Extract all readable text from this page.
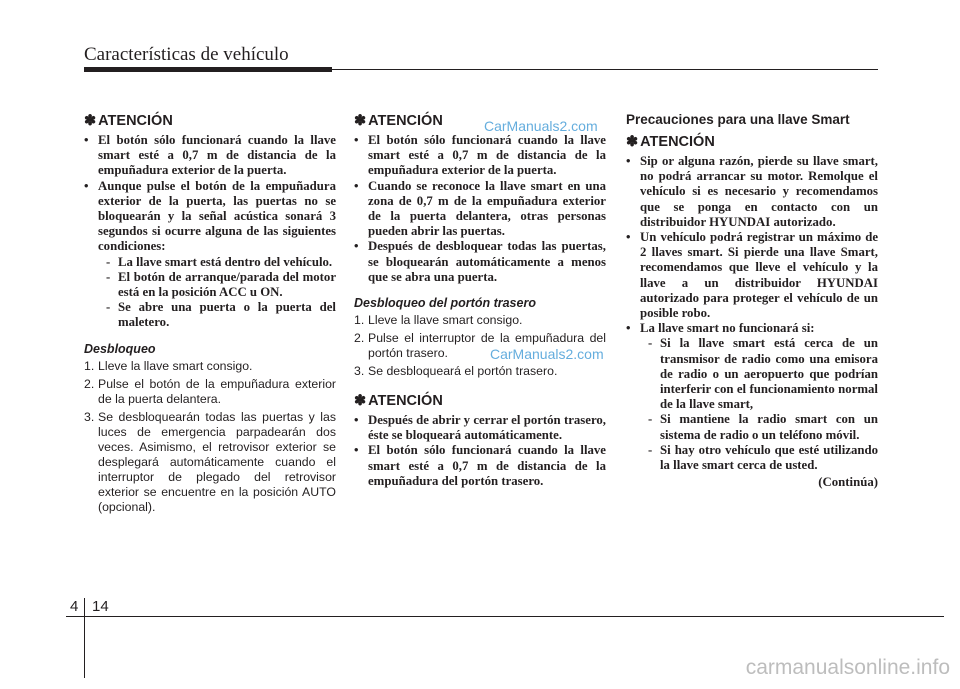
Características de vehículo
✽ ATENCIÓN
• El botón sólo funcionará cuando la llave smart esté a 0,7 m de distancia de la empuñadura exterior de la puerta.
• Aunque pulse el botón de la empuñadura exterior de la puerta, las puertas no se bloquearán y la señal acústica sonará 3 segundos si ocurre alguna de las siguientes condiciones:
- La llave smart está dentro del vehículo.
- El botón de arranque/parada del motor está en la posición ACC u ON.
- Se abre una puerta o la puerta del maletero.
Desbloqueo
1. Lleve la llave smart consigo.
2. Pulse el botón de la empuñadura exterior de la puerta delantera.
3. Se desbloquearán todas las puertas y las luces de emergencia parpadearán dos veces. Asimismo, el retrovisor exterior se desplegará automáticamente cuando el interruptor de plegado del retrovisor exterior se encuentre en la posición AUTO (opcional).
✽ ATENCIÓN
• El botón sólo funcionará cuando la llave smart esté a 0,7 m de distancia de la empuñadura exterior de la puerta.
• Cuando se reconoce la llave smart en una zona de 0,7 m de la empuñadura exterior de la puerta delantera, otras personas pueden abrir las puertas.
• Después de desbloquear todas las puertas, se bloquearán automáticamente a menos que se abra una puerta.
Desbloqueo del portón trasero
1. Lleve la llave smart consigo.
2. Pulse el interruptor de la empuñadura del portón trasero.
3. Se desbloqueará el portón trasero.
✽ ATENCIÓN
• Después de abrir y cerrar el portón trasero, éste se bloqueará automáticamente.
• El botón sólo funcionará cuando la llave smart esté a 0,7 m de distancia de la empuñadura del portón trasero.
Precauciones para una llave Smart
✽ ATENCIÓN
• Sip or alguna razón, pierde su llave smart, no podrá arrancar su motor. Remolque el vehículo si es necesario y recomendamos que se ponga en contacto con un distribuidor HYUNDAI autorizado.
• Un vehículo podrá registrar un máximo de 2 llaves smart. Si pierde una llave Smart, recomendamos que lleve el vehículo y la llave a un distribuidor HYUNDAI autorizado para proteger el vehículo de un posible robo.
• La llave smart no funcionará si:
- Si la llave smart está cerca de un transmisor de radio como una emisora de radio o un aeropuerto que podrían interferir con el funcionamiento normal de la llave smart,
- Si mantiene la radio smart con un sistema de radio o un teléfono móvil.
- Si hay otro vehículo que esté utilizando la llave smart cerca de usted.
(Continúa)
CarManuals2.com
CarManuals2.com
4 14
carmanualsonline.info
